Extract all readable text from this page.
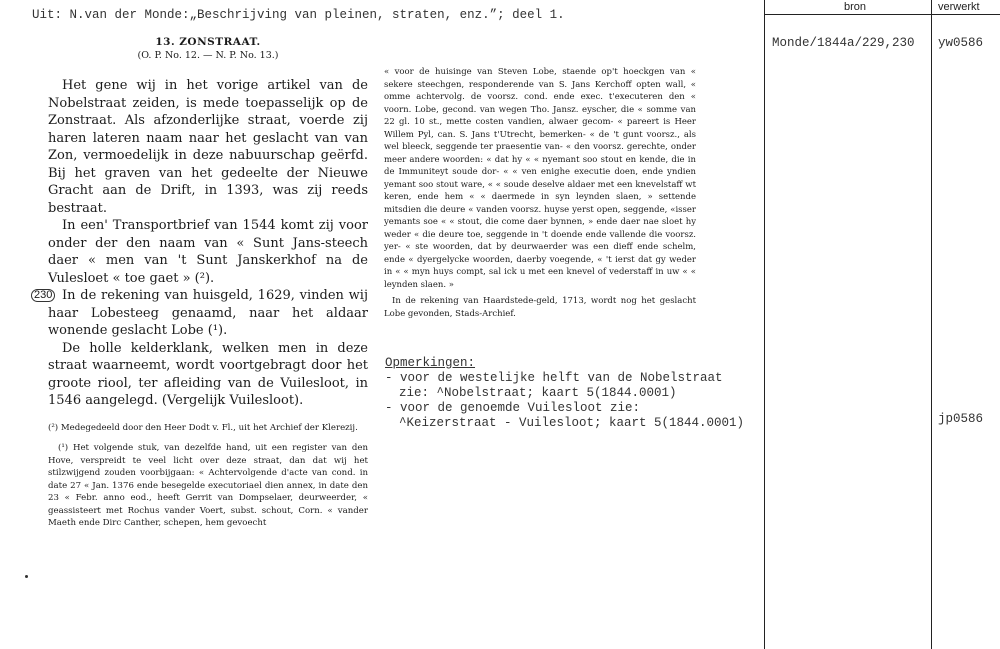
Uit: N.van der Monde:„Beschrijving van pleinen, straten, enz.”; deel 1.
bron	verwerkt
Monde/1844a/229,230 yw0586
jp0586
13. ZONSTRAAT.
(O. P. No. 12. — N. P. No. 13.)

Het gene wij in het vorige artikel van de Nobelstraat zeiden, is mede toepasselijk op de Zonstraat. Als afzonderlijke straat, voerde zij haren lateren naam naar het geslacht van van Zon, vermoedelijk in deze nabuurschap geërfd. Bij het graven van het gedeelte der Nieuwe Gracht aan de Drift, in 1393, was zij reeds bestraat.

In een' Transportbrief van 1544 komt zij voor onder der den naam van « Sunt Jans-steech daer « men van 't Sunt Janskerkhof na de Vulesloet « toe gaet » (²).

230 In de rekening van huisgeld, 1629, vinden wij haar Lobesteeg genaamd, naar het aldaar wonende geslacht Lobe (¹).

De holle kelderklank, welken men in deze straat waarneemt, wordt voortgebragt door het groote riool, ter afleiding van de Vuilesloot, in 1546 aangelegd. (Vergelijk Vuilesloot).

(²) Medegedeeld door den Heer Dodt v. Fl., uit het Archief der Klerezij.

(¹) Het volgende stuk, van dezelfde hand, uit een register van den Hove, verspreidt te veel licht over deze straat, dan dat wij het stilzwijgend zouden voorbijgaan: « Achtervolgende d'acte van cond. in date 27 « Jan. 1376 ende besegelde executoriael dien annex, in date den 23 « Febr. anno eod., heeft Gerrit van Dompselaer, deurweerder, « geassisteert met Rochus vander Voert, subst. schout, Corn. « vander Maeth ende Dirc Canther, schepen, hem gevoecht

« voor de huisinge van Steven Lobe, staende op't hoeckgen van « sekere steechgen, responderende van S. Jans Kerchoff opten wall, « omme achtervolg. de voorsz. cond. ende exec. t'executeren den « voorn. Lobe, gecond. van wegen Tho. Jansz. eyscher, die « somme van 22 gl. 10 st., mette costen vandien, alwaer gecom- « pareert is Heer Willem Pyl, can. S. Jans t'Utrecht, bemerken- « de 't gunt voorsz., als wel bleeck, seggende ter praesentie van- « den voorsz. gerechte, onder meer andere woorden: « dat hy « « nyemant soo stout en kende, die in de Immuniteyt soude dor- « « ven enighe executie doen, ende yndien yemant soo stout ware, « « soude deselve aldaer met een knevelstaff wt keren, ende hem « « daermede in syn leynden slaen, » settende mitsdien die deure « vanden voorsz. huyse yerst open, seggende, «isser yemants soe « « stout, die come daer bynnen, » ende daer nae sloet hy weder « die deure toe, seggende in 't doende ende vallende die voorsz. yer- « ste woorden, dat by deurwaerder was een dieff ende schelm, ende « dyergelycke woorden, daerby voegende, « 't ierst dat gy weder in « « myn huys compt, sal ick u met een knevel of vederstaff in uw « « leynden slaen. »

In de rekening van Haardstede-geld, 1713, wordt nog het geslacht Lobe gevonden, Stads-Archief.

Opmerkingen:
- voor de westelijke helft van de Nobelstraat
zie: ^Nobelstraat; kaart 5(1844.0001)
- voor de genoemde Vuilesloot zie:
^Keizerstraat - Vuilesloot; kaart 5(1844.0001)
